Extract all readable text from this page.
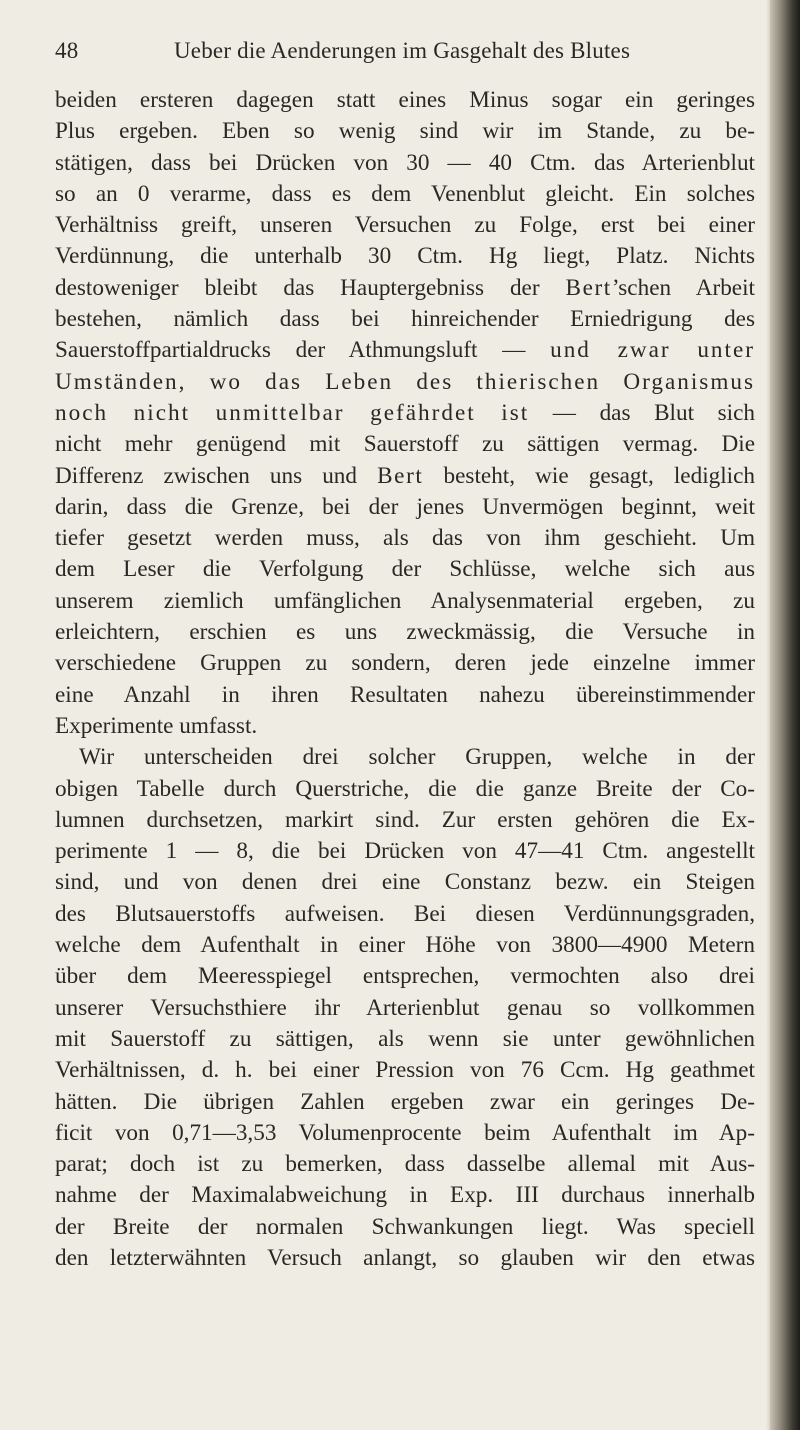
48	Ueber die Aenderungen im Gasgehalt des Blutes
beiden ersteren dagegen statt eines Minus sogar ein geringes
Plus ergeben. Eben so wenig sind wir im Stande, zu be-
stätigen, dass bei Drücken von 30 — 40 Ctm. das Arterienblut
so an 0 verarme, dass es dem Venenblut gleicht. Ein solches
Verhältniss greift, unseren Versuchen zu Folge, erst bei einer
Verdünnung, die unterhalb 30 Ctm. Hg liegt, Platz. Nichts
destoweniger bleibt das Hauptergebniss der Bert’schen Arbeit
bestehen, nämlich dass bei hinreichender Erniedrigung des
Sauerstoffpartialdrucks der Athmungsluft — und zwar unter
Umständen, wo das Leben des thierischen Organismus
noch nicht unmittelbar gefährdet ist — das Blut sich
nicht mehr genügend mit Sauerstoff zu sättigen vermag. Die
Differenz zwischen uns und Bert besteht, wie gesagt, lediglich
darin, dass die Grenze, bei der jenes Unvermögen beginnt, weit
tiefer gesetzt werden muss, als das von ihm geschieht. Um
dem Leser die Verfolgung der Schlüsse, welche sich aus
unserem ziemlich umfänglichen Analysenmaterial ergeben, zu
erleichtern, erschien es uns zweckmässig, die Versuche in
verschiedene Gruppen zu sondern, deren jede einzelne immer
eine Anzahl in ihren Resultaten nahezu übereinstimmender
Experimente umfasst.
Wir unterscheiden drei solcher Gruppen, welche in der
obigen Tabelle durch Querstriche, die die ganze Breite der Co-
lumnen durchsetzen, markirt sind. Zur ersten gehören die Ex-
perimente 1 — 8, die bei Drücken von 47—41 Ctm. angestellt
sind, und von denen drei eine Constanz bezw. ein Steigen
des Blutsauerstoffs aufweisen. Bei diesen Verdünnungsgraden,
welche dem Aufenthalt in einer Höhe von 3800—4900 Metern
über dem Meeresspiegel entsprechen, vermochten also drei
unserer Versuchsthiere ihr Arterienblut genau so vollkommen
mit Sauerstoff zu sättigen, als wenn sie unter gewöhnlichen
Verhältnissen, d. h. bei einer Pression von 76 Ccm. Hg geathmet
hätten. Die übrigen Zahlen ergeben zwar ein geringes De-
ficit von 0,71—3,53 Volumenprocente beim Aufenthalt im Ap-
parat; doch ist zu bemerken, dass dasselbe allemal mit Aus-
nahme der Maximalabweichung in Exp. III durchaus innerhalb
der Breite der normalen Schwankungen liegt. Was speciell
den letzterwähnten Versuch anlangt, so glauben wir den etwas
